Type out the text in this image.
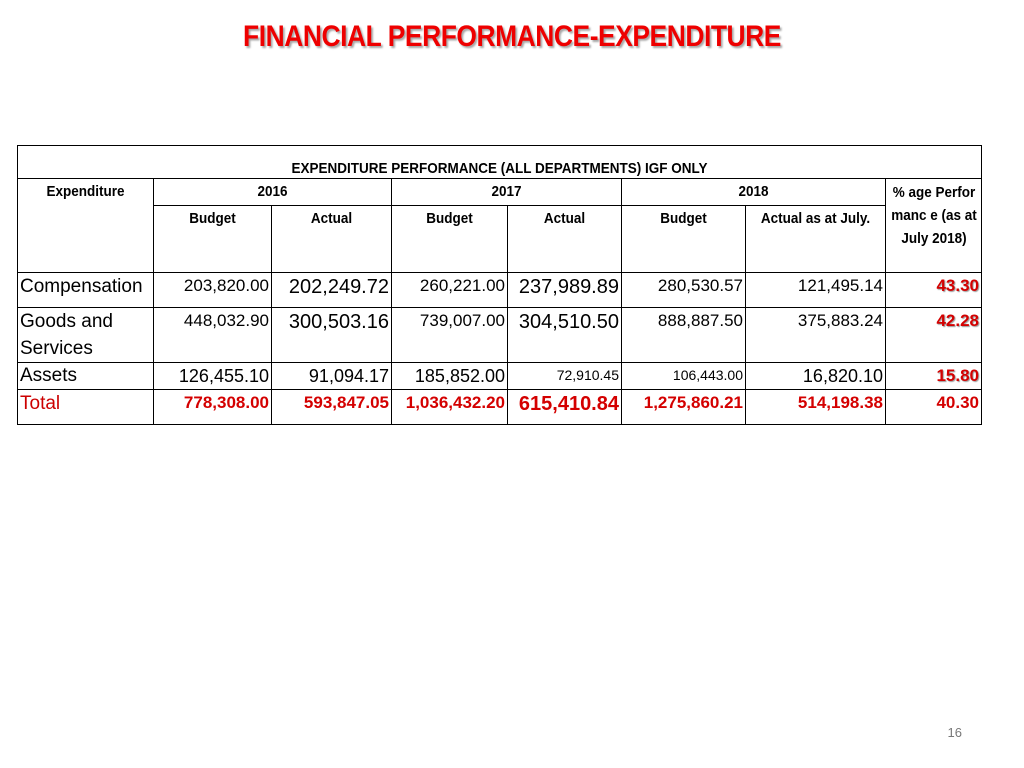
FINANCIAL PERFORMANCE-EXPENDITURE
EXPENDITURE PERFORMANCE (ALL DEPARTMENTS) IGF ONLY							

Expenditure	2016		2017		2018		% age Performanc e (as at July 2018)

	Budget	Actual	Budget	Actual	Budget	Actual as at July.	

Compensation	203,820.00	202,249.72	260,221.00	237,989.89	280,530.57	121,495.14	43.30
Goods and Services	448,032.90	300,503.16	739,007.00	304,510.50	888,887.50	375,883.24	42.28
Assets	126,455.10	91,094.17	185,852.00	72,910.45	106,443.00	16,820.10	15.80
Total	778,308.00	593,847.05	1,036,432.20	615,410.84	1,275,860.21	514,198.38	40.30
16
